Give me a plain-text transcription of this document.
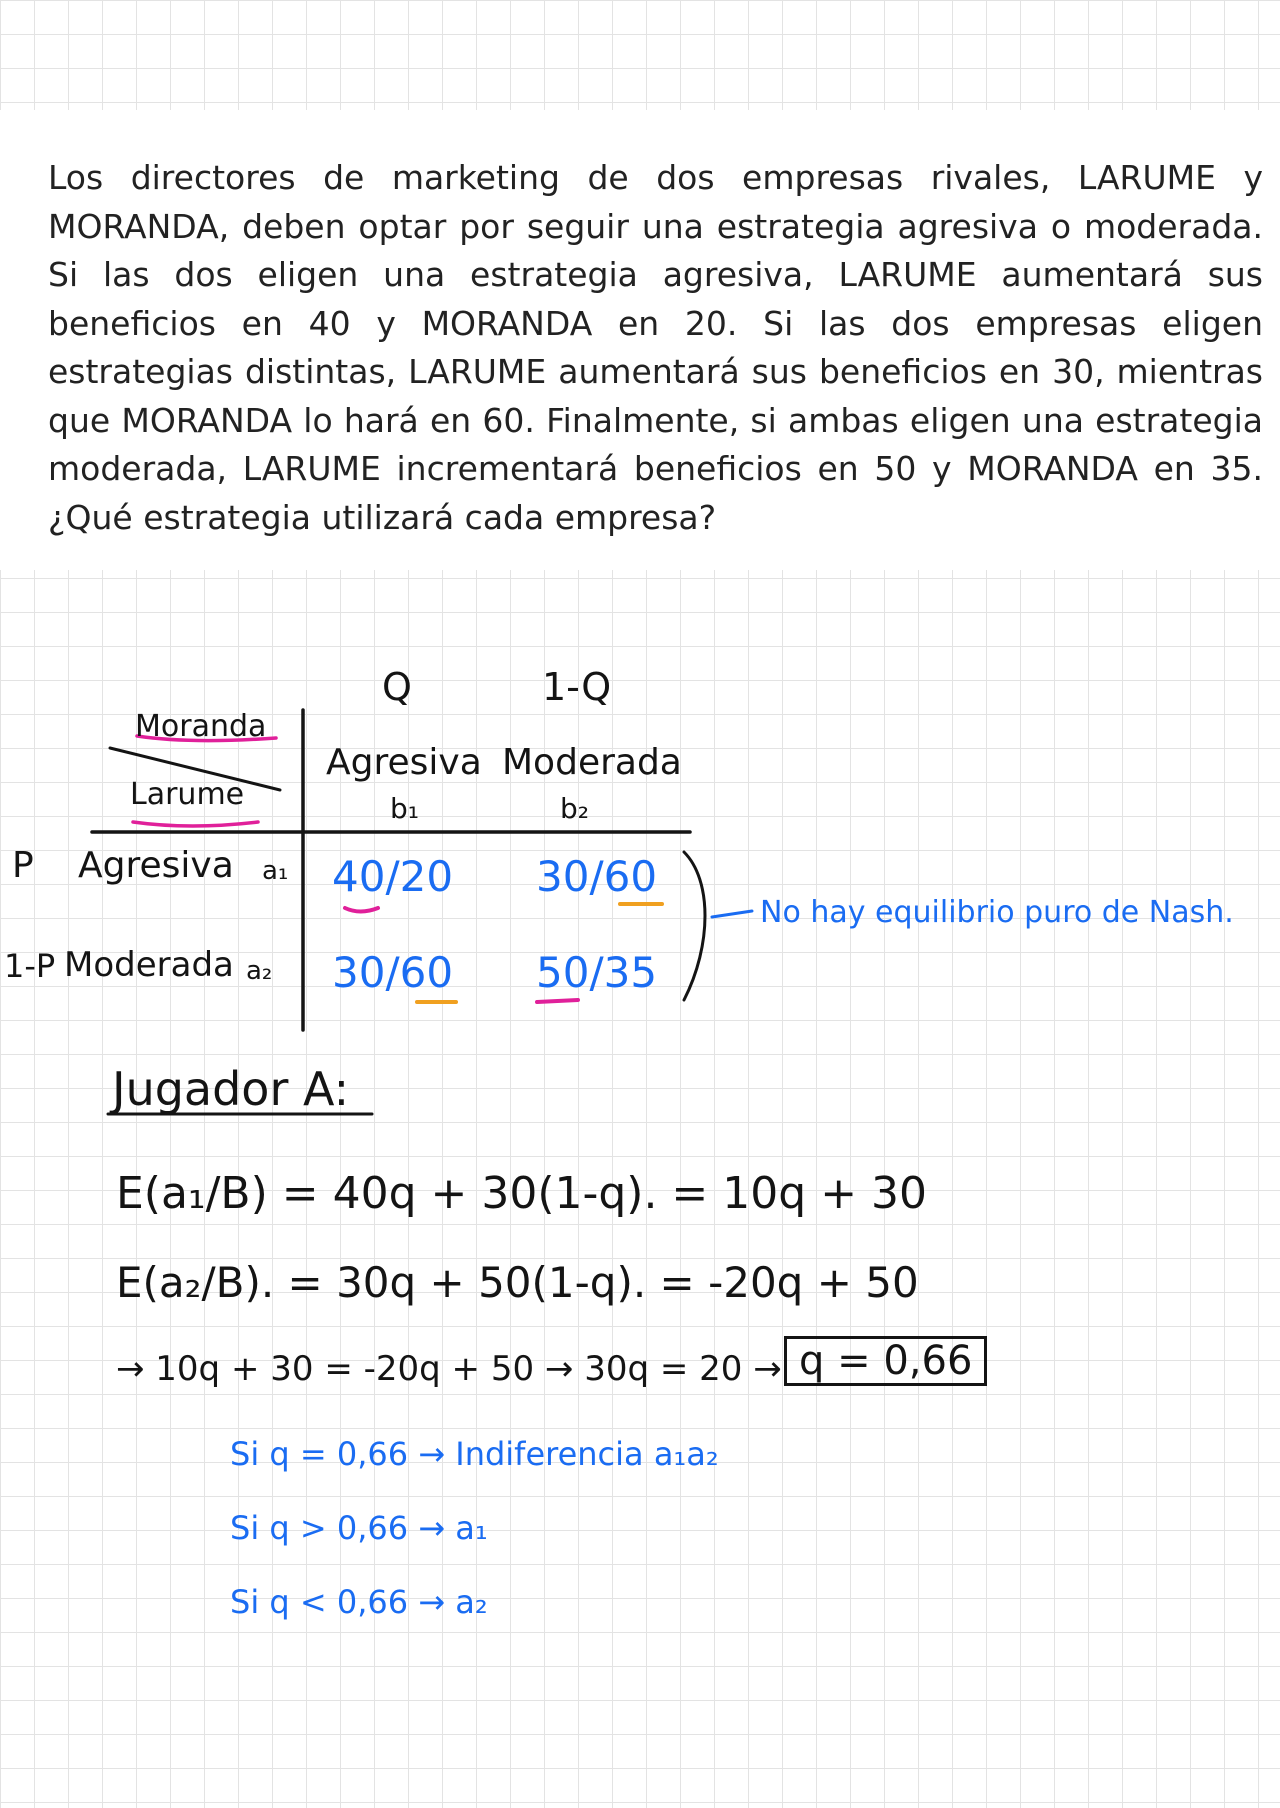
Los directores de marketing de dos empresas rivales, LARUME y MORANDA, deben optar por seguir una estrategia agresiva o moderada. Si las dos eligen una estrategia agresiva, LARUME aumentará sus beneficios en 40 y MORANDA en 20. Si las dos empresas eligen estrategias distintas, LARUME aumentará sus beneficios en 30, mientras que MORANDA lo hará en 60. Finalmente, si ambas eligen una estrategia moderada, LARUME incrementará beneficios en 50 y MORANDA en 35. ¿Qué estrategia utilizará cada empresa?

Q	1-Q
Moranda
Larume
Agresiva Moderada
b₁	b₂
P Agresiva a₁
1-P Moderada a₂
40/20 30/60
30/60 50/35
No hay equilibrio puro de Nash.
Jugador A:
E(a₁/B) = 40q + 30(1-q). = 10q + 30
E(a₂/B). = 30q + 50(1-q). = -20q + 50
→ 10q + 30 = -20q + 50 → 30q = 20 → q = 0,66
Si q = 0,66 → Indiferencia a₁a₂
Si q > 0,66 → a₁
Si q < 0,66 → a₂
